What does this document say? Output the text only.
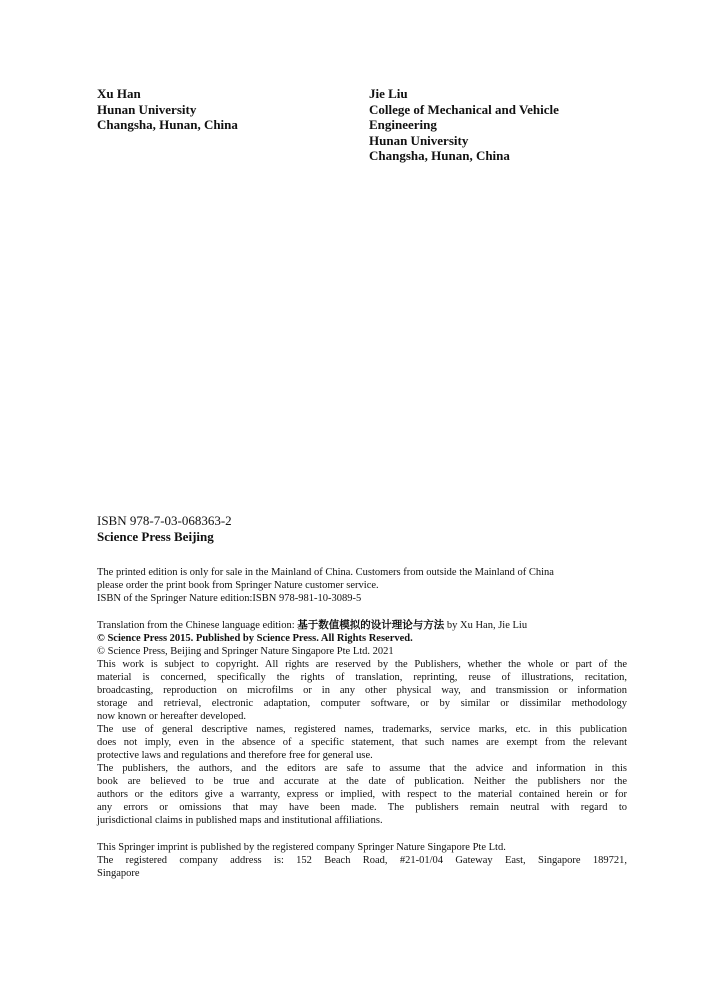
Xu Han
Hunan University
Changsha, Hunan, China
Jie Liu
College of Mechanical and Vehicle
Engineering
Hunan University
Changsha, Hunan, China
ISBN 978-7-03-068363-2
Science Press Beijing
The printed edition is only for sale in the Mainland of China. Customers from outside the Mainland of China
please order the print book from Springer Nature customer service.
ISBN of the Springer Nature edition:ISBN 978-981-10-3089-5
Translation from the Chinese language edition: 基于数值模拟的设计理论与方法 by Xu Han, Jie Liu
© Science Press 2015. Published by Science Press. All Rights Reserved.
© Science Press, Beijing and Springer Nature Singapore Pte Ltd. 2021
This work is subject to copyright. All rights are reserved by the Publishers, whether the whole or part of the
material is concerned, specifically the rights of translation, reprinting, reuse of illustrations, recitation,
broadcasting, reproduction on microfilms or in any other physical way, and transmission or information
storage and retrieval, electronic adaptation, computer software, or by similar or dissimilar methodology
now known or hereafter developed.
The use of general descriptive names, registered names, trademarks, service marks, etc. in this publication
does not imply, even in the absence of a specific statement, that such names are exempt from the relevant
protective laws and regulations and therefore free for general use.
The publishers, the authors, and the editors are safe to assume that the advice and information in this
book are believed to be true and accurate at the date of publication. Neither the publishers nor the
authors or the editors give a warranty, express or implied, with respect to the material contained herein or for
any errors or omissions that may have been made. The publishers remain neutral with regard to
jurisdictional claims in published maps and institutional affiliations.
This Springer imprint is published by the registered company Springer Nature Singapore Pte Ltd.
The registered company address is: 152 Beach Road, #21-01/04 Gateway East, Singapore 189721,
Singapore
